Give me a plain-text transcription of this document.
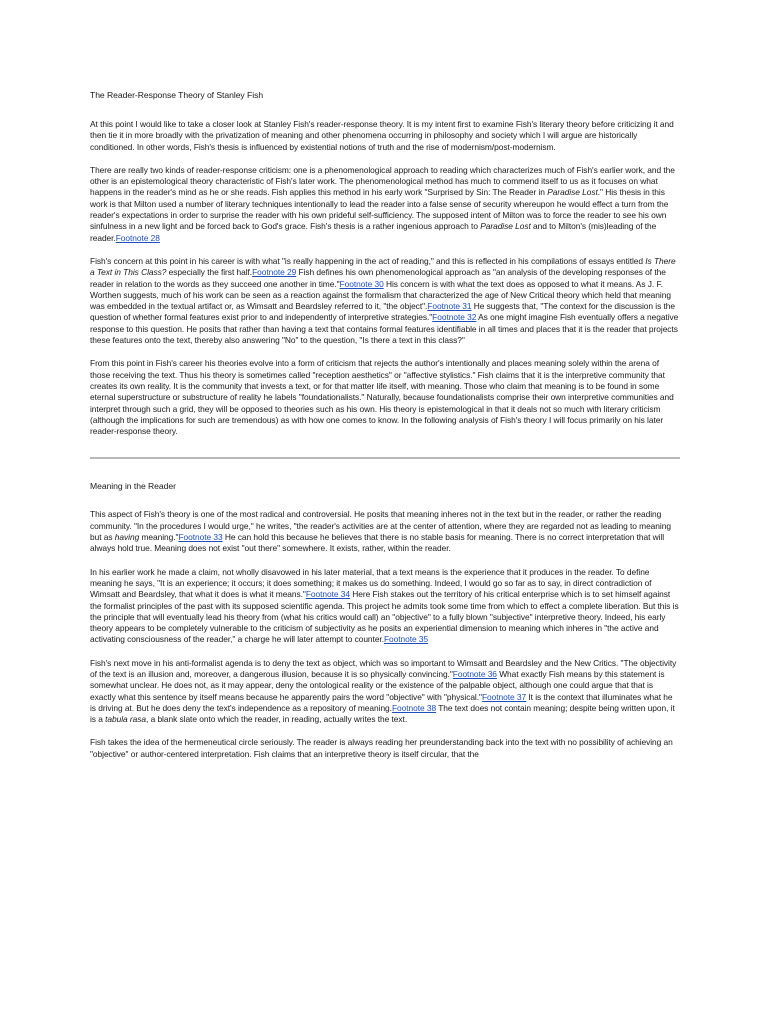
The Reader-Response Theory of Stanley Fish

At this point I would like to take a closer look at Stanley Fish's reader-response theory. It is my intent first to examine Fish's literary theory before criticizing it and then tie it in more broadly with the privatization of meaning and other phenomena occurring in philosophy and society which I will argue are historically conditioned. In other words, Fish's thesis is influenced by existential notions of truth and the rise of modernism/post-modernism.

There are really two kinds of reader-response criticism: one is a phenomenological approach to reading which characterizes much of Fish's earlier work, and the other is an epistemological theory characteristic of Fish's later work. The phenomenological method has much to commend itself to us as it focuses on what happens in the reader's mind as he or she reads. Fish applies this method in his early work "Surprised by Sin: The Reader in Paradise Lost." His thesis in this work is that Milton used a number of literary techniques intentionally to lead the reader into a false sense of security whereupon he would effect a turn from the reader's expectations in order to surprise the reader with his own prideful self-sufficiency. The supposed intent of Milton was to force the reader to see his own sinfulness in a new light and be forced back to God's grace. Fish's thesis is a rather ingenious approach to Paradise Lost and to Milton's (mis)leading of the reader.Footnote 28

Fish's concern at this point in his career is with what "is really happening in the act of reading," and this is reflected in his compilations of essays entitled Is There a Text in This Class? especially the first half.Footnote 29 Fish defines his own phenomenological approach as "an analysis of the developing responses of the reader in relation to the words as they succeed one another in time."Footnote 30 His concern is with what the text does as opposed to what it means. As J. F. Worthen suggests, much of his work can be seen as a reaction against the formalism that characterized the age of New Critical theory which held that meaning was embedded in the textual artifact or, as Wimsatt and Beardsley referred to it, "the object".Footnote 31 He suggests that, "The context for the discussion is the question of whether formal features exist prior to and independently of interpretive strategies."Footnote 32 As one might imagine Fish eventually offers a negative response to this question. He posits that rather than having a text that contains formal features identifiable in all times and places that it is the reader that projects these features onto the text, thereby also answering "No" to the question, "Is there a text in this class?"

From this point in Fish's career his theories evolve into a form of criticism that rejects the author's intentionally and places meaning solely within the arena of those receiving the text. Thus his theory is sometimes called "reception aesthetics" or "affective stylistics." Fish claims that it is the interpretive community that creates its own reality. It is the community that invests a text, or for that matter life itself, with meaning. Those who claim that meaning is to be found in some eternal superstructure or substructure of reality he labels "foundationalists." Naturally, because foundationalists comprise their own interpretive communities and interpret through such a grid, they will be opposed to theories such as his own. His theory is epistemological in that it deals not so much with literary criticism (although the implications for such are tremendous) as with how one comes to know. In the following analysis of Fish's theory I will focus primarily on his later reader-response theory.

Meaning in the Reader

This aspect of Fish's theory is one of the most radical and controversial. He posits that meaning inheres not in the text but in the reader, or rather the reading community. "In the procedures I would urge," he writes, "the reader's activities are at the center of attention, where they are regarded not as leading to meaning but as having meaning."Footnote 33 He can hold this because he believes that there is no stable basis for meaning. There is no correct interpretation that will always hold true. Meaning does not exist "out there" somewhere. It exists, rather, within the reader.

In his earlier work he made a claim, not wholly disavowed in his later material, that a text means is the experience that it produces in the reader. To define meaning he says, "It is an experience; it occurs; it does something; it makes us do something. Indeed, I would go so far as to say, in direct contradiction of Wimsatt and Beardsley, that what it does is what it means."Footnote 34 Here Fish stakes out the territory of his critical enterprise which is to set himself against the formalist principles of the past with its supposed scientific agenda. This project he admits took some time from which to effect a complete liberation. But this is the principle that will eventually lead his theory from (what his critics would call) an "objective" to a fully blown "subjective" interpretive theory. Indeed, his early theory appears to be completely vulnerable to the criticism of subjectivity as he posits an experiential dimension to meaning which inheres in "the active and activating consciousness of the reader," a charge he will later attempt to counter.Footnote 35

Fish's next move in his anti-formalist agenda is to deny the text as object, which was so important to Wimsatt and Beardsley and the New Critics. "The objectivity of the text is an illusion and, moreover, a dangerous illusion, because it is so physically convincing."Footnote 36 What exactly Fish means by this statement is somewhat unclear. He does not, as it may appear, deny the ontological reality or the existence of the palpable object, although one could argue that that is exactly what this sentence by itself means because he apparently pairs the word "objective" with "physical."Footnote 37 It is the context that illuminates what he is driving at. But he does deny the text's independence as a repository of meaning.Footnote 38 The text does not contain meaning; despite being written upon, it is a tabula rasa, a blank slate onto which the reader, in reading, actually writes the text.

Fish takes the idea of the hermeneutical circle seriously. The reader is always reading her preunderstanding back into the text with no possibility of achieving an "objective" or author-centered interpretation. Fish claims that an interpretive theory is itself circular, that the
